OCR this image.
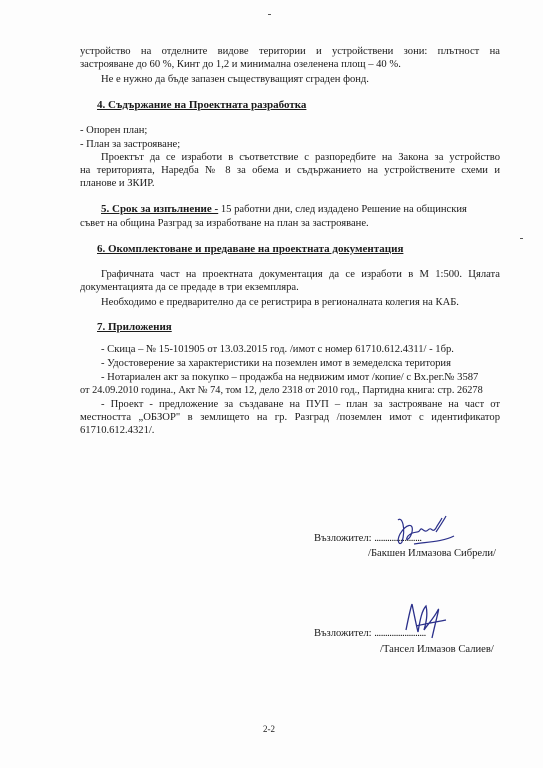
устройство на отделните видове територии и устройствени зони: плътност на
застрояване до 60 %, Кинт до 1,2 и минимална озеленена площ – 40 %.
Не е нужно да бъде запазен съществуващият сграден фонд.
4. Съдържание на Проектната разработка
- Опорен план;
- План за застрояване;
Проектът да се изработи в съответствие с разпоредбите на Закона за устройство
на територията, Наредба № 8 за обема и съдържанието на устройствените схеми и
планове и ЗКИР.
5. Срок за изпълнение - 15 работни дни, след издадено Решение на общинския
съвет на община Разград за изработване на план за застрояване.
6. Окомплектоване и предаване на проектната документация
Графичната част на проектната документация да се изработи в М 1:500. Цялата
документацията да се предаде в три екземпляра.
Необходимо е предварително да се регистрира в регионалната колегия на КАБ.
7. Приложения
- Скица – № 15-101905 от 13.03.2015 год. /имот с номер 61710.612.4311/ - 1бр.
- Удостоверение за характеристики на поземлен имот в земеделска територия
- Нотариален акт за покупко – продажба на недвижим имот /копие/ с Вх.рег.№ 3587
от 24.09.2010 година., Акт № 74, том 12, дело 2318 от 2010 год., Партидна книга: стр. 26278
- Проект - предложение за създаване на ПУП – план за застрояване на част от
местността „ОБЗОР" в землището на гр. Разград /поземлен имот с идентификатор
61710.612.4321/.
Възложител: ......................
/Бакшен Илмазова Сибрели/
Възложител: ........................
/Тансел Илмазов Салиев/
2-2
